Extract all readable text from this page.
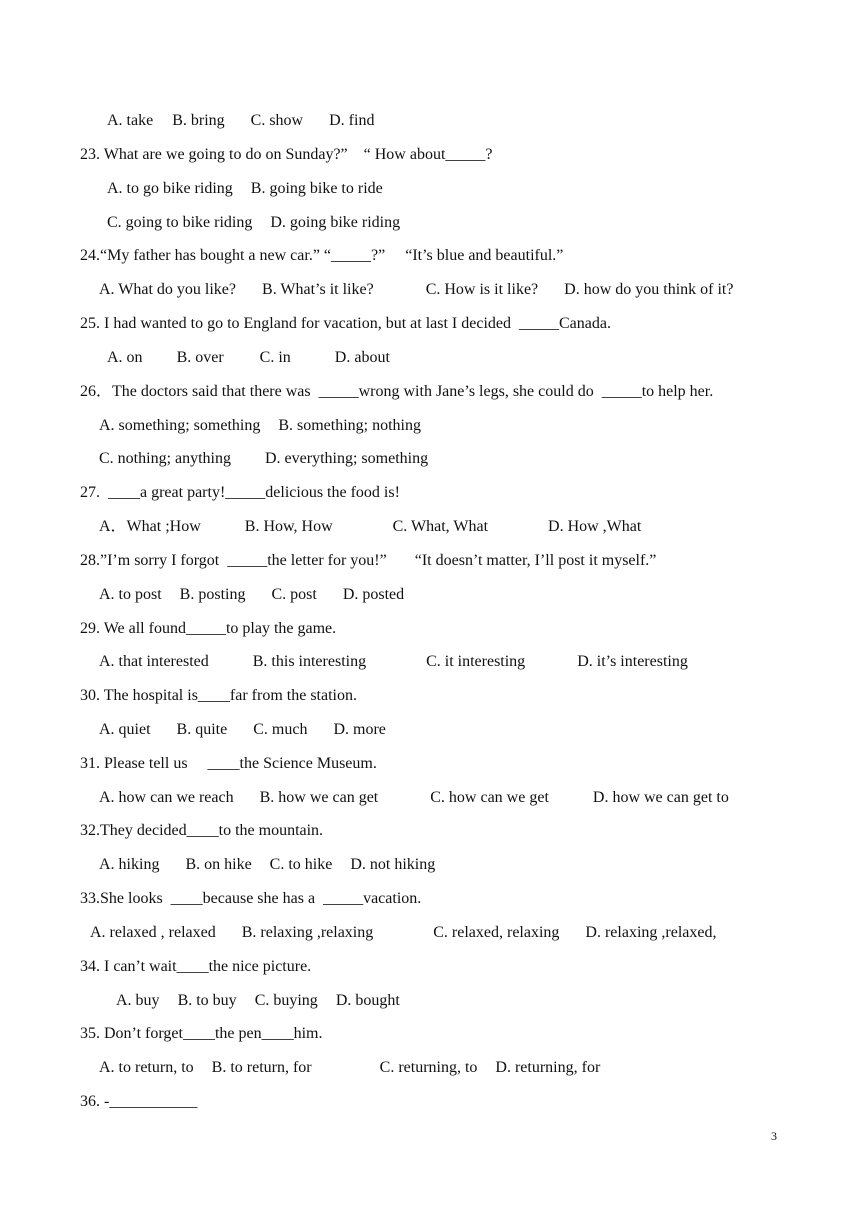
A. take B. bring C. show D. find
23. What are we going to do on Sunday?”    “ How about_____?
A. to go bike riding B. going bike to ride
C. going to bike riding D. going bike riding
24.“My father has bought a new car.” “_____?”     “It’s blue and beautiful.”
A. What do you like? B. What’s it like?	C. How is it like? D. how do you think of it?
25. I had wanted to go to England for vacation, but at last I decided  _____Canada.
A. on B. over C. in	D. about
26．The doctors said that there was  _____wrong with Jane’s legs, she could do  _____to help her.
A. something; something B. something; nothing
C. nothing; anything D. everything; something
27.  ____a great party!_____delicious the food is!
A．What ;How	B. How, How	C. What, What	D. How ,What
28.”I’m sorry I forgot  _____the letter for you!”       “It doesn’t matter, I’ll post it myself.”
A. to post B. posting C. post D. posted
29. We all found_____to play the game.
A. that interested	B. this interesting	C. it interesting	D. it’s interesting
30. The hospital is____far from the station.
A. quiet B. quite C. much D. more
31. Please tell us     ____the Science Museum.
A. how can we reach B. how we can get	C. how can we get	D. how we can get to
32.They decided____to the mountain.
A. hiking B. on hike C. to hike D. not hiking
33.She looks  ____because she has a  _____vacation.
A. relaxed , relaxed B. relaxing ,relaxing	C. relaxed, relaxing D. relaxing ,relaxed,
34. I can’t wait____the nice picture.
A. buy B. to buy C. buying D. bought
35. Don’t forget____the pen____him.
A. to return, to B. to return, for	C. returning, to D. returning, for
36. -___________
3
